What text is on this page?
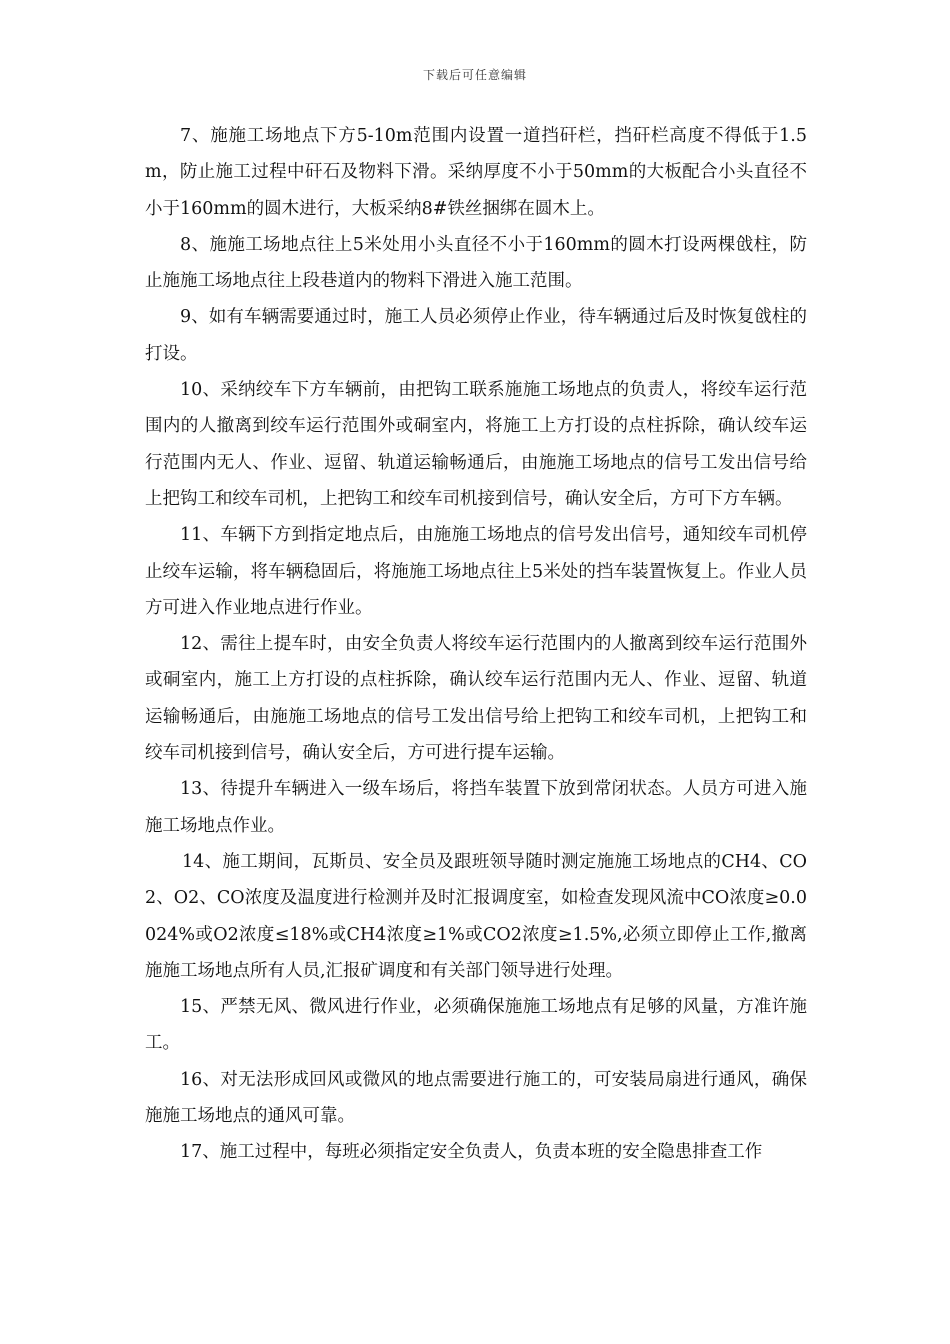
下载后可任意编辑

7、施施工场地点下方5-10m范围内设置一道挡矸栏，挡矸栏高度不得低于1.5m，防止施工过程中矸石及物料下滑。采纳厚度不小于50mm的大板配合小头直径不小于160mm的圆木进行，大板采纳8#铁丝捆绑在圆木上。

8、施施工场地点往上5米处用小头直径不小于160mm的圆木打设两棵戗柱，防止施施工场地点往上段巷道内的物料下滑进入施工范围。

9、如有车辆需要通过时，施工人员必须停止作业，待车辆通过后及时恢复戗柱的打设。

10、采纳绞车下方车辆前，由把钩工联系施施工场地点的负责人，将绞车运行范围内的人撤离到绞车运行范围外或硐室内，将施工上方打设的点柱拆除，确认绞车运行范围内无人、作业、逗留、轨道运输畅通后，由施施工场地点的信号工发出信号给上把钩工和绞车司机，上把钩工和绞车司机接到信号，确认安全后，方可下方车辆。

11、车辆下方到指定地点后，由施施工场地点的信号发出信号，通知绞车司机停止绞车运输，将车辆稳固后，将施施工场地点往上5米处的挡车装置恢复上。作业人员方可进入作业地点进行作业。

12、需往上提车时，由安全负责人将绞车运行范围内的人撤离到绞车运行范围外或硐室内，施工上方打设的点柱拆除，确认绞车运行范围内无人、作业、逗留、轨道运输畅通后，由施施工场地点的信号工发出信号给上把钩工和绞车司机，上把钩工和绞车司机接到信号，确认安全后，方可进行提车运输。

13、待提升车辆进入一级车场后，将挡车装置下放到常闭状态。人员方可进入施施工场地点作业。

14、施工期间，瓦斯员、安全员及跟班领导随时测定施施工场地点的CH4、CO2、O2、CO浓度及温度进行检测并及时汇报调度室，如检查发现风流中CO浓度≥0.0024%或O2浓度≤18%或CH4浓度≥1%或CO2浓度≥1.5%,必须立即停止工作,撤离施施工场地点所有人员,汇报矿调度和有关部门领导进行处理。

15、严禁无风、微风进行作业，必须确保施施工场地点有足够的风量，方准许施工。

16、对无法形成回风或微风的地点需要进行施工的，可安装局扇进行通风，确保施施工场地点的通风可靠。

17、施工过程中，每班必须指定安全负责人，负责本班的安全隐患排查工作
